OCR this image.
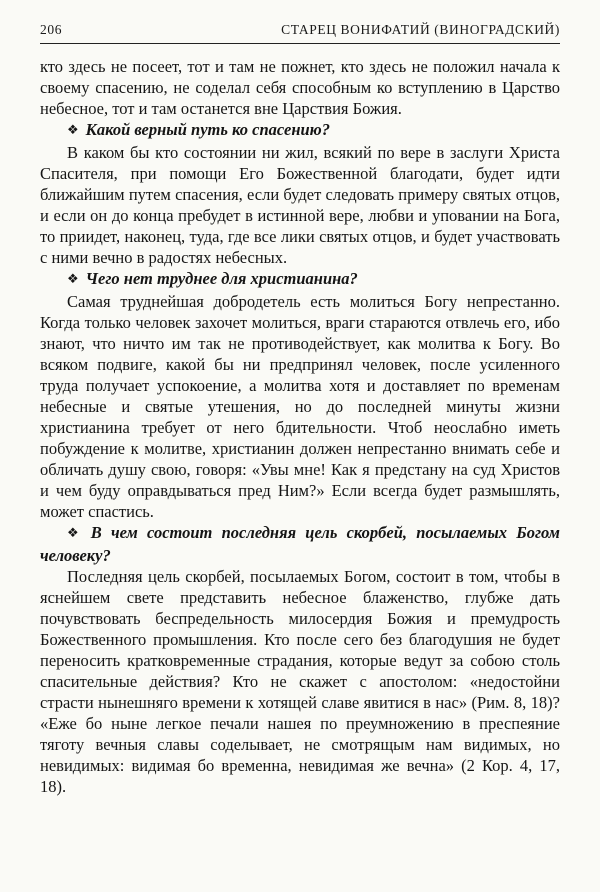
206	СТАРЕЦ ВОНИФАТИЙ (ВИНОГРАДСКИЙ)

кто здесь не посеет, тот и там не пожнет, кто здесь не положил начала к своему спасению, не соделал себя способным ко вступлению в Царство небесное, тот и там останется вне Царствия Божия.

❖ Какой верный путь ко спасению?

В каком бы кто состоянии ни жил, всякий по вере в заслуги Христа Спасителя, при помощи Его Божественной благодати, будет идти ближайшим путем спасения, если будет следовать примеру святых отцов, и если он до конца пребудет в истинной вере, любви и уповании на Бога, то приидет, наконец, туда, где все лики святых отцов, и будет участвовать с ними вечно в радостях небесных.

❖ Чего нет труднее для христианина?

Самая труднейшая добродетель есть молиться Богу непрестанно. Когда только человек захочет молиться, враги стараются отвлечь его, ибо знают, что ничто им так не противодействует, как молитва к Богу. Во всяком подвиге, какой бы ни предпринял человек, после усиленного труда получает успокоение, а молитва хотя и доставляет по временам небесные и святые утешения, но до последней минуты жизни христианина требует от него бдительности. Чтоб неослабно иметь побуждение к молитве, христианин должен непрестанно внимать себе и обличать душу свою, говоря: «Увы мне! Как я предстану на суд Христов и чем буду оправдываться пред Ним?» Если всегда будет размышлять, может спастись.

❖ В чем состоит последняя цель скорбей, посылаемых Богом человеку?

Последняя цель скорбей, посылаемых Богом, состоит в том, чтобы в яснейшем свете представить небесное блаженство, глубже дать почувствовать беспредельность милосердия Божия и премудрость Божественного промышления. Кто после сего без благодушия не будет переносить кратковременные страдания, которые ведут за собою столь спасительные действия? Кто не скажет с апостолом: «недостойни страсти нынешняго времени к хотящей славе явитися в нас» (Рим. 8, 18)? «Еже бо ныне легкое печали нашея по преумножению в преспеяние тяготу вечныя славы соделывает, не смотрящым нам видимых, но невидимых: видимая бо временна, невидимая же вечна» (2 Кор. 4, 17, 18).
